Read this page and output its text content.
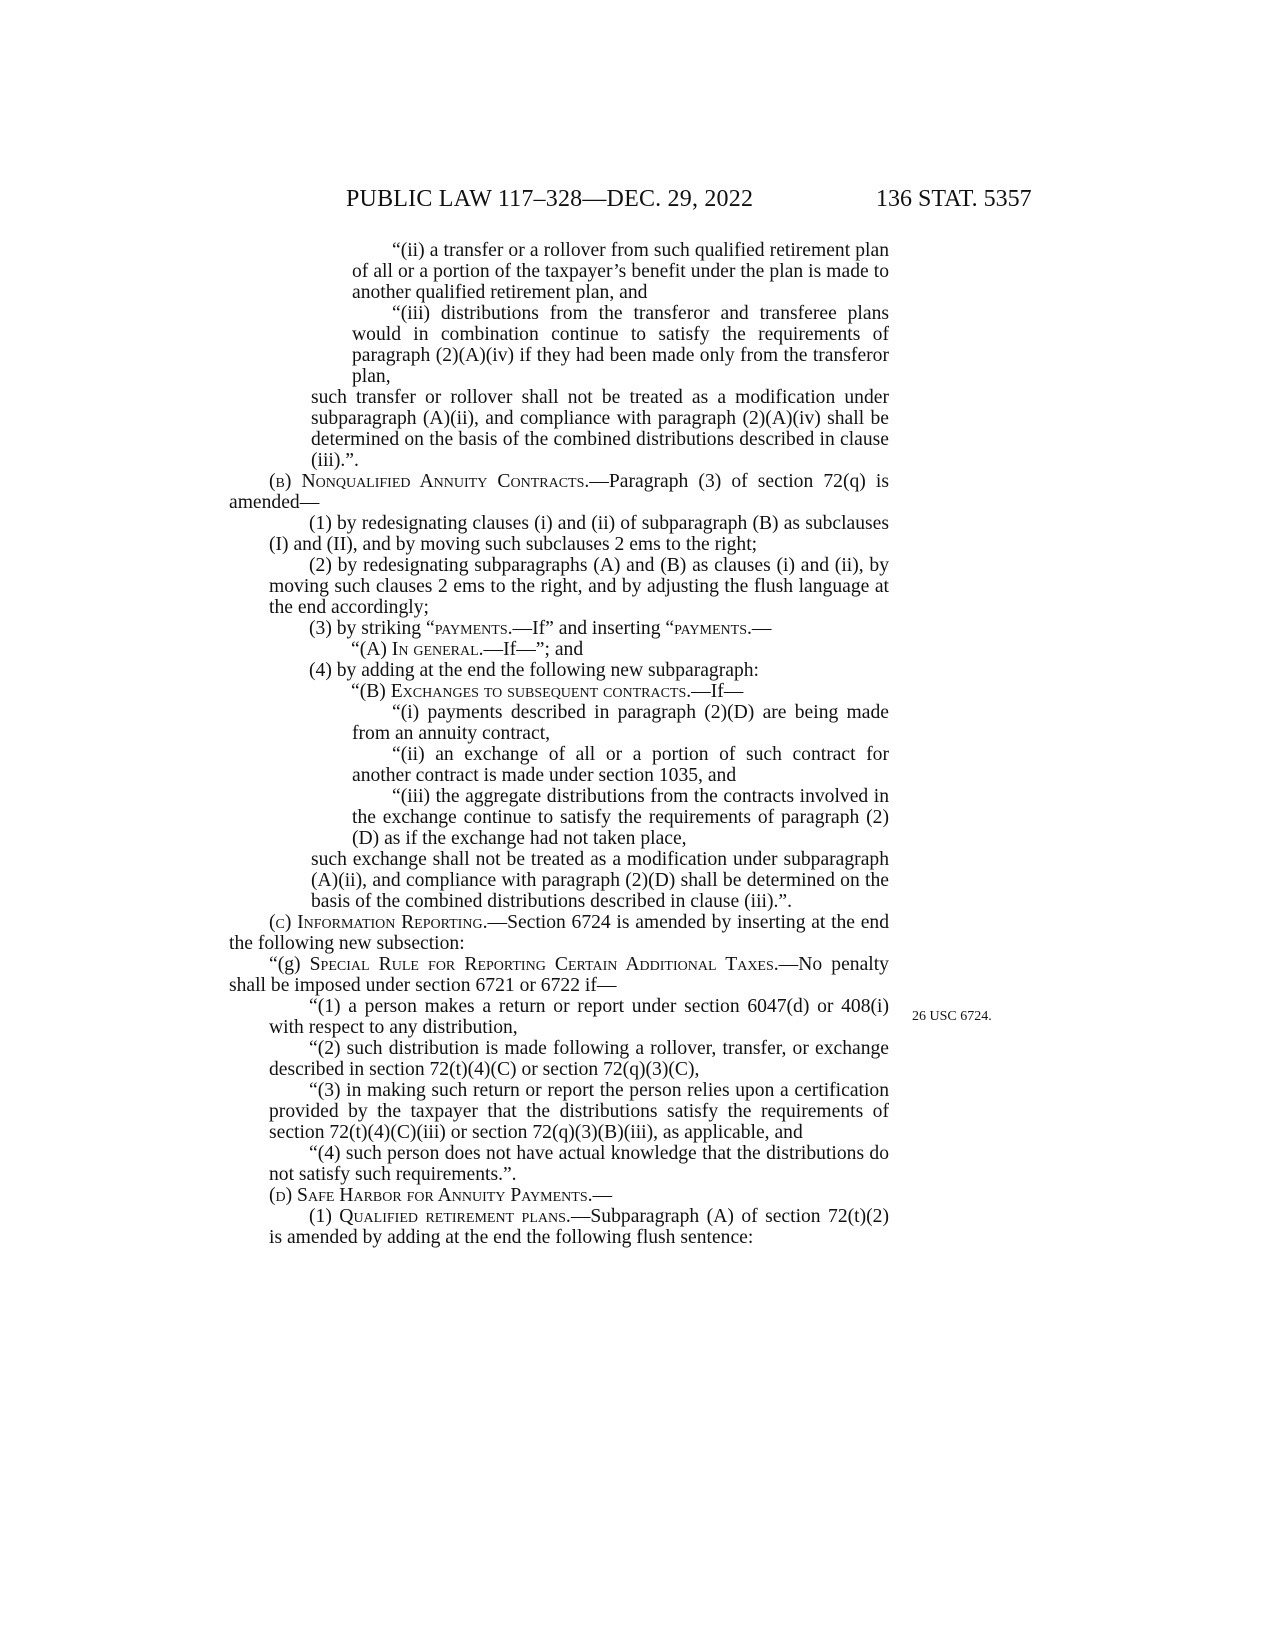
PUBLIC LAW 117–328—DEC. 29, 2022	136 STAT. 5357
26 USC 6724.

“(ii) a transfer or a rollover from such qualified retirement plan of all or a portion of the taxpayer’s benefit under the plan is made to another qualified retirement plan, and

“(iii) distributions from the transferor and transferee plans would in combination continue to satisfy the requirements of paragraph (2)(A)(iv) if they had been made only from the transferor plan,

such transfer or rollover shall not be treated as a modification under subparagraph (A)(ii), and compliance with paragraph (2)(A)(iv) shall be determined on the basis of the combined distributions described in clause (iii).”.

(b) Nonqualified Annuity Contracts.—Paragraph (3) of section 72(q) is amended—

(1) by redesignating clauses (i) and (ii) of subparagraph (B) as subclauses (I) and (II), and by moving such subclauses 2 ems to the right;

(2) by redesignating subparagraphs (A) and (B) as clauses (i) and (ii), by moving such clauses 2 ems to the right, and by adjusting the flush language at the end accordingly;

(3) by striking “payments.—If” and inserting “payments.—

“(A) In general.—If—”; and

(4) by adding at the end the following new subparagraph:

“(B) Exchanges to subsequent contracts.—If—

“(i) payments described in paragraph (2)(D) are being made from an annuity contract,

“(ii) an exchange of all or a portion of such contract for another contract is made under section 1035, and

“(iii) the aggregate distributions from the contracts involved in the exchange continue to satisfy the requirements of paragraph (2)(D) as if the exchange had not taken place,

such exchange shall not be treated as a modification under subparagraph (A)(ii), and compliance with paragraph (2)(D) shall be determined on the basis of the combined distributions described in clause (iii).”.

(c) Information Reporting.—Section 6724 is amended by inserting at the end the following new subsection:

“(g) Special Rule for Reporting Certain Additional Taxes.—No penalty shall be imposed under section 6721 or 6722 if—

“(1) a person makes a return or report under section 6047(d) or 408(i) with respect to any distribution,

“(2) such distribution is made following a rollover, transfer, or exchange described in section 72(t)(4)(C) or section 72(q)(3)(C),

“(3) in making such return or report the person relies upon a certification provided by the taxpayer that the distributions satisfy the requirements of section 72(t)(4)(C)(iii) or section 72(q)(3)(B)(iii), as applicable, and

“(4) such person does not have actual knowledge that the distributions do not satisfy such requirements.”.

(d) Safe Harbor for Annuity Payments.—

(1) Qualified retirement plans.—Subparagraph (A) of section 72(t)(2) is amended by adding at the end the following flush sentence:
